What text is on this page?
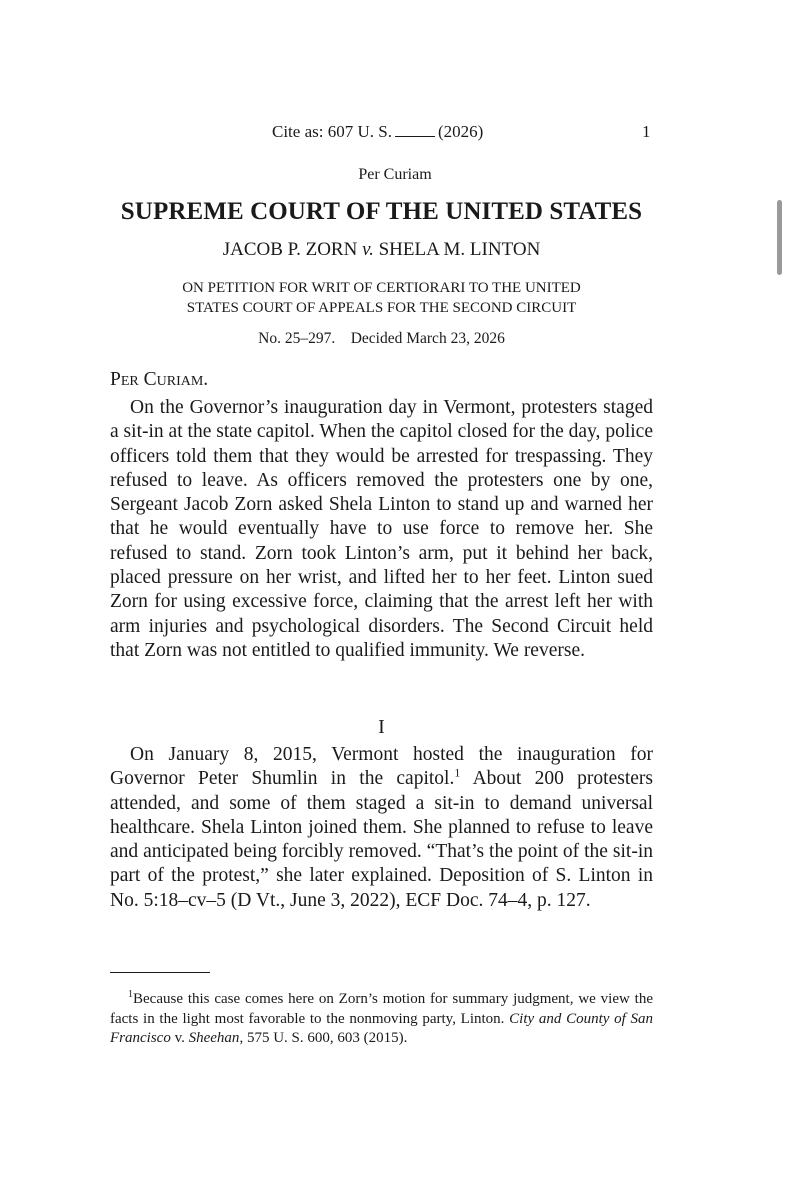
Cite as: 607 U. S.	(2026)	1
Per Curiam
SUPREME COURT OF THE UNITED STATES
JACOB P. ZORN v. SHELA M. LINTON
ON PETITION FOR WRIT OF CERTIORARI TO THE UNITED
STATES COURT OF APPEALS FOR THE SECOND CIRCUIT
No. 25–297.    Decided March 23, 2026
Per Curiam.
On the Governor’s inauguration day in Vermont, protesters staged a sit-in at the state capitol. When the capitol closed for the day, police officers told them that they would be arrested for trespassing. They refused to leave. As officers removed the protesters one by one, Sergeant Jacob Zorn asked Shela Linton to stand up and warned her that he would eventually have to use force to remove her. She refused to stand. Zorn took Linton’s arm, put it behind her back, placed pressure on her wrist, and lifted her to her feet. Linton sued Zorn for using excessive force, claiming that the arrest left her with arm injuries and psychological disorders. The Second Circuit held that Zorn was not entitled to qualified immunity. We reverse.
I
On January 8, 2015, Vermont hosted the inauguration for Governor Peter Shumlin in the capitol.$^1$ About 200 protesters attended, and some of them staged a sit-in to demand universal healthcare. Shela Linton joined them. She planned to refuse to leave and anticipated being forcibly removed. “That’s the point of the sit-in part of the protest,” she later explained. Deposition of S. Linton in No. 5:18–cv–5 (D Vt., June 3, 2022), ECF Doc. 74–4, p. 127.
$^1$Because this case comes here on Zorn’s motion for summary judgment, we view the facts in the light most favorable to the nonmoving party, Linton. City and County of San Francisco v. Sheehan, 575 U. S. 600, 603 (2015).
